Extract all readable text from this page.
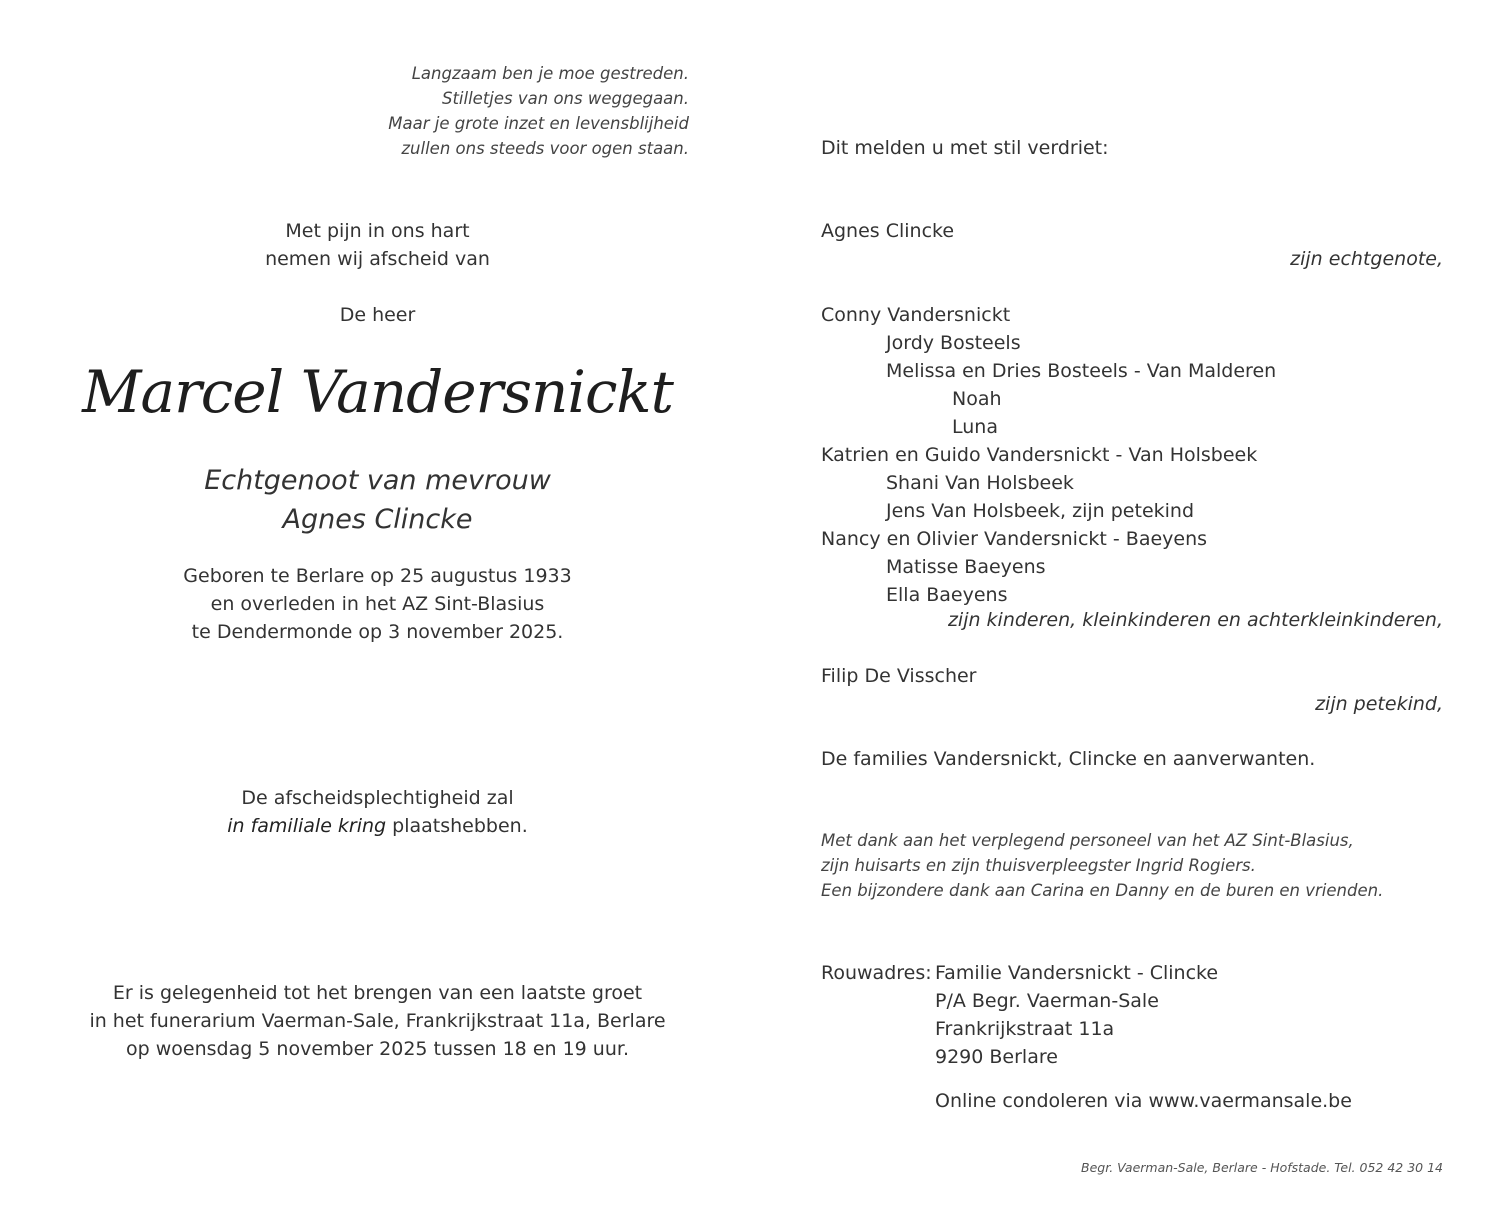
Langzaam ben je moe gestreden.
Stilletjes van ons weggegaan.
Maar je grote inzet en levensblijheid
zullen ons steeds voor ogen staan.
Met pijn in ons hart
nemen wij afscheid van
De heer
Marcel Vandersnickt
Echtgenoot van mevrouw
Agnes Clincke
Geboren te Berlare op 25 augustus 1933
en overleden in het AZ Sint-Blasius
te Dendermonde op 3 november 2025.
De afscheidsplechtigheid zal
in familiale kring plaatshebben.
Er is gelegenheid tot het brengen van een laatste groet
in het funerarium Vaerman-Sale, Frankrijkstraat 11a, Berlare
op woensdag 5 november 2025 tussen 18 en 19 uur.
Dit melden u met stil verdriet:
Agnes Clincke
zijn echtgenote,
Conny Vandersnickt
Jordy Bosteels
Melissa en Dries Bosteels - Van Malderen
Noah
Luna
Katrien en Guido Vandersnickt - Van Holsbeek
Shani Van Holsbeek
Jens Van Holsbeek, zijn petekind
Nancy en Olivier Vandersnickt - Baeyens
Matisse Baeyens
Ella Baeyens
zijn kinderen, kleinkinderen en achterkleinkinderen,
Filip De Visscher
zijn petekind,
De families Vandersnickt, Clincke en aanverwanten.
Met dank aan het verplegend personeel van het AZ Sint-Blasius,
zijn huisarts en zijn thuisverpleegster Ingrid Rogiers.
Een bijzondere dank aan Carina en Danny en de buren en vrienden.
Rouwadres: Familie Vandersnickt - Clincke
P/A Begr. Vaerman-Sale
Frankrijkstraat 11a
9290 Berlare
Online condoleren via www.vaermansale.be
Begr. Vaerman-Sale, Berlare - Hofstade. Tel. 052 42 30 14
